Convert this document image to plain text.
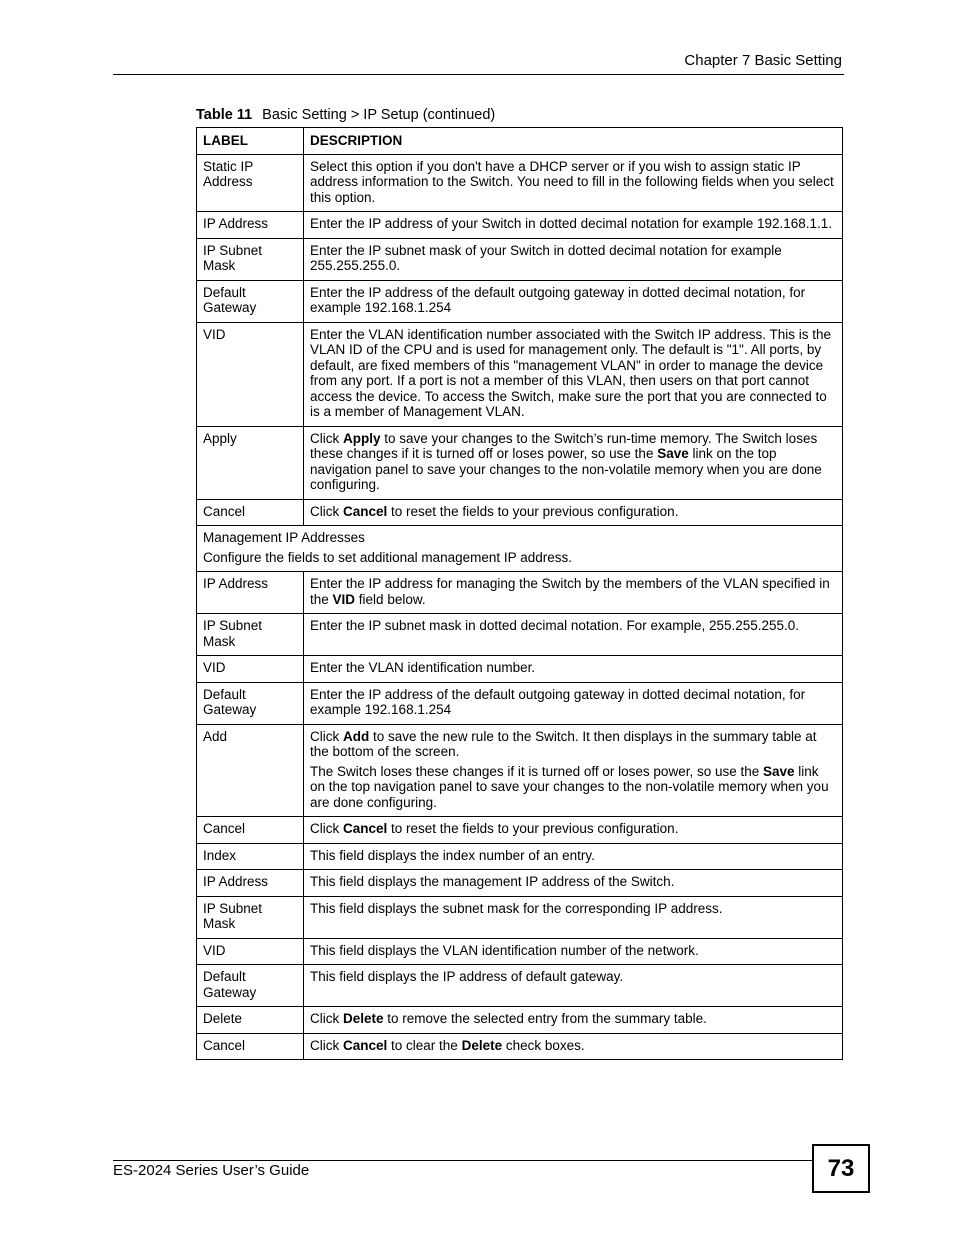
Chapter 7 Basic Setting
Table 11 Basic Setting > IP Setup (continued)
LABEL	DESCRIPTION
Static IP Address	Select this option if you don't have a DHCP server or if you wish to assign static IP address information to the Switch. You need to fill in the following fields when you select this option.

IP Address	Enter the IP address of your Switch in dotted decimal notation for example 192.168.1.1.

IP Subnet Mask	Enter the IP subnet mask of your Switch in dotted decimal notation for example 255.255.255.0.

Default Gateway	Enter the IP address of the default outgoing gateway in dotted decimal notation, for example 192.168.1.254

VID	Enter the VLAN identification number associated with the Switch IP address. This is the VLAN ID of the CPU and is used for management only. The default is "1". All ports, by default, are fixed members of this "management VLAN" in order to manage the device from any port. If a port is not a member of this VLAN, then users on that port cannot access the device. To access the Switch, make sure the port that you are connected to is a member of Management VLAN.

Apply	Click Apply to save your changes to the Switch’s run-time memory. The Switch loses these changes if it is turned off or loses power, so use the Save link on the top navigation panel to save your changes to the non-volatile memory when you are done configuring.

Cancel	Click Cancel to reset the fields to your previous configuration.

Management IP Addresses
Configure the fields to set additional management IP address.	

IP Address	Enter the IP address for managing the Switch by the members of the VLAN specified in the VID field below.

IP Subnet Mask	Enter the IP subnet mask in dotted decimal notation. For example, 255.255.255.0.

VID	Enter the VLAN identification number.

Default Gateway	Enter the IP address of the default outgoing gateway in dotted decimal notation, for example 192.168.1.254

Add	Click Add to save the new rule to the Switch. It then displays in the summary table at the bottom of the screen.
The Switch loses these changes if it is turned off or loses power, so use the Save link on the top navigation panel to save your changes to the non-volatile memory when you are done configuring.

Cancel	Click Cancel to reset the fields to your previous configuration.

Index	This field displays the index number of an entry.

IP Address	This field displays the management IP address of the Switch.

IP Subnet Mask	This field displays the subnet mask for the corresponding IP address.

VID	This field displays the VLAN identification number of the network.

Default Gateway	This field displays the IP address of default gateway.

Delete	Click Delete to remove the selected entry from the summary table.

Cancel	Click Cancel to clear the Delete check boxes.
ES-2024 Series User’s Guide	73
